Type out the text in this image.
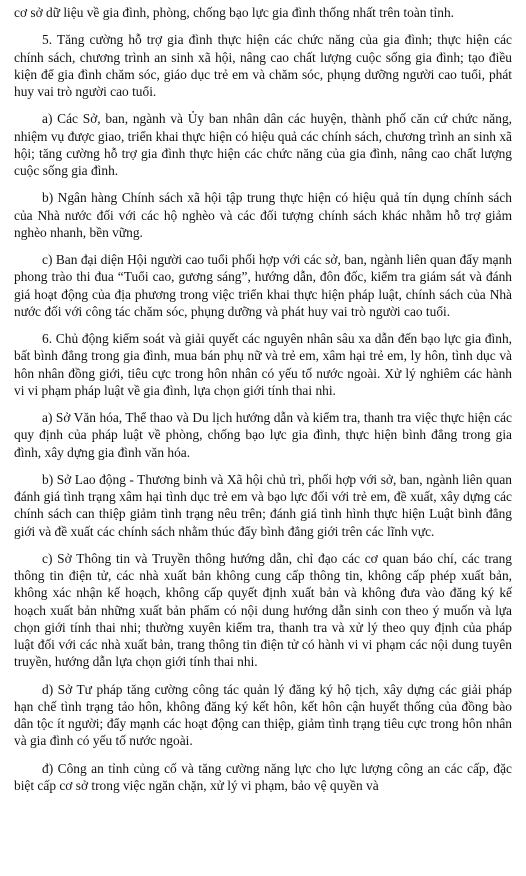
cơ sở dữ liệu về gia đình, phòng, chống bạo lực gia đình thống nhất trên toàn tỉnh.

5. Tăng cường hỗ trợ gia đình thực hiện các chức năng của gia đình; thực hiện các chính sách, chương trình an sinh xã hội, nâng cao chất lượng cuộc sống gia đình; tạo điều kiện để gia đình chăm sóc, giáo dục trẻ em và chăm sóc, phụng dưỡng người cao tuổi, phát huy vai trò người cao tuổi.

a) Các Sở, ban, ngành và Ủy ban nhân dân các huyện, thành phố căn cứ chức năng, nhiệm vụ được giao, triển khai thực hiện có hiệu quả các chính sách, chương trình an sinh xã hội; tăng cường hỗ trợ gia đình thực hiện các chức năng của gia đình, nâng cao chất lượng cuộc sống gia đình.

b) Ngân hàng Chính sách xã hội tập trung thực hiện có hiệu quả tín dụng chính sách của Nhà nước đối với các hộ nghèo và các đối tượng chính sách khác nhằm hỗ trợ giảm nghèo nhanh, bền vững.

c) Ban đại diện Hội người cao tuổi phối hợp với các sở, ban, ngành liên quan đẩy mạnh phong trào thi đua “Tuổi cao, gương sáng”, hướng dẫn, đôn đốc, kiểm tra giám sát và đánh giá hoạt động của địa phương trong việc triển khai thực hiện pháp luật, chính sách của Nhà nước đối với công tác chăm sóc, phụng dưỡng và phát huy vai trò người cao tuổi.

6. Chủ động kiểm soát và giải quyết các nguyên nhân sâu xa dẫn đến bạo lực gia đình, bất bình đẳng trong gia đình, mua bán phụ nữ và trẻ em, xâm hại trẻ em, ly hôn, tình dục và hôn nhân đồng giới, tiêu cực trong hôn nhân có yếu tố nước ngoài. Xử lý nghiêm các hành vi vi phạm pháp luật về gia đình, lựa chọn giới tính thai nhi.

a) Sở Văn hóa, Thể thao và Du lịch hướng dẫn và kiểm tra, thanh tra việc thực hiện các quy định của pháp luật về phòng, chống bạo lực gia đình, thực hiện bình đẳng trong gia đình, xây dựng gia đình văn hóa.

b) Sở Lao động - Thương binh và Xã hội chủ trì, phối hợp với sở, ban, ngành liên quan đánh giá tình trạng xâm hại tình dục trẻ em và bạo lực đối với trẻ em, đề xuất, xây dựng các chính sách can thiệp giảm tình trạng nêu trên; đánh giá tình hình thực hiện Luật bình đẳng giới và đề xuất các chính sách nhằm thúc đẩy bình đẳng giới trên các lĩnh vực.

c) Sở Thông tin và Truyền thông hướng dẫn, chỉ đạo các cơ quan báo chí, các trang thông tin điện tử, các nhà xuất bản không cung cấp thông tin, không cấp phép xuất bản, không xác nhận kế hoạch, không cấp quyết định xuất bản và không đưa vào đăng ký kế hoạch xuất bản những xuất bản phẩm có nội dung hướng dẫn sinh con theo ý muốn và lựa chọn giới tính thai nhi; thường xuyên kiểm tra, thanh tra và xử lý theo quy định của pháp luật đối với các nhà xuất bản, trang thông tin điện tử có hành vi vi phạm các nội dung tuyên truyền, hướng dẫn lựa chọn giới tính thai nhi.

d) Sở Tư pháp tăng cường công tác quản lý đăng ký hộ tịch, xây dựng các giải pháp hạn chế tình trạng tảo hôn, không đăng ký kết hôn, kết hôn cận huyết thống của đồng bào dân tộc ít người; đẩy mạnh các hoạt động can thiệp, giảm tình trạng tiêu cực trong hôn nhân và gia đình có yếu tố nước ngoài.

đ) Công an tỉnh củng cố và tăng cường năng lực cho lực lượng công an các cấp, đặc biệt cấp cơ sở trong việc ngăn chặn, xử lý vi phạm, bảo vệ quyền và
